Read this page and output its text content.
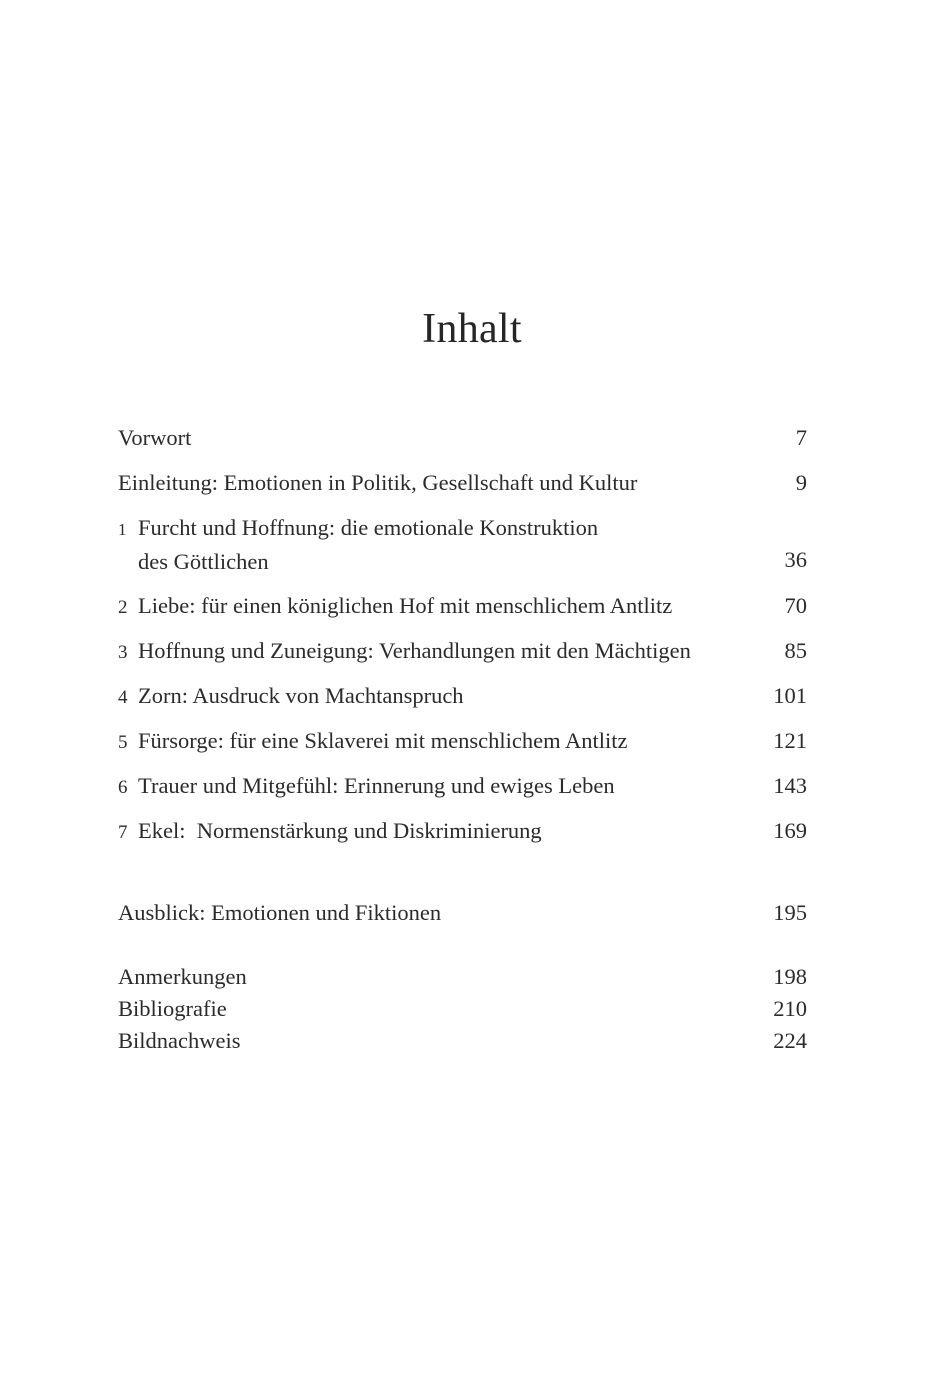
Inhalt
Vorwort	7
Einleitung: Emotionen in Politik, Gesellschaft und Kultur	9
1 Furcht und Hoffnung: die emotionale Konstruktion
des Göttlichen	36
2 Liebe: für einen königlichen Hof mit menschlichem Antlitz	70
3 Hoffnung und Zuneigung: Verhandlungen mit den Mächtigen	85
4 Zorn: Ausdruck von Machtanspruch	101
5 Fürsorge: für eine Sklaverei mit menschlichem Antlitz	121
6 Trauer und Mitgefühl: Erinnerung und ewiges Leben	143
7 Ekel:  Normenstärkung und Diskriminierung	169
Ausblick: Emotionen und Fiktionen	195
Anmerkungen	198
Bibliografie	210
Bildnachweis	224
